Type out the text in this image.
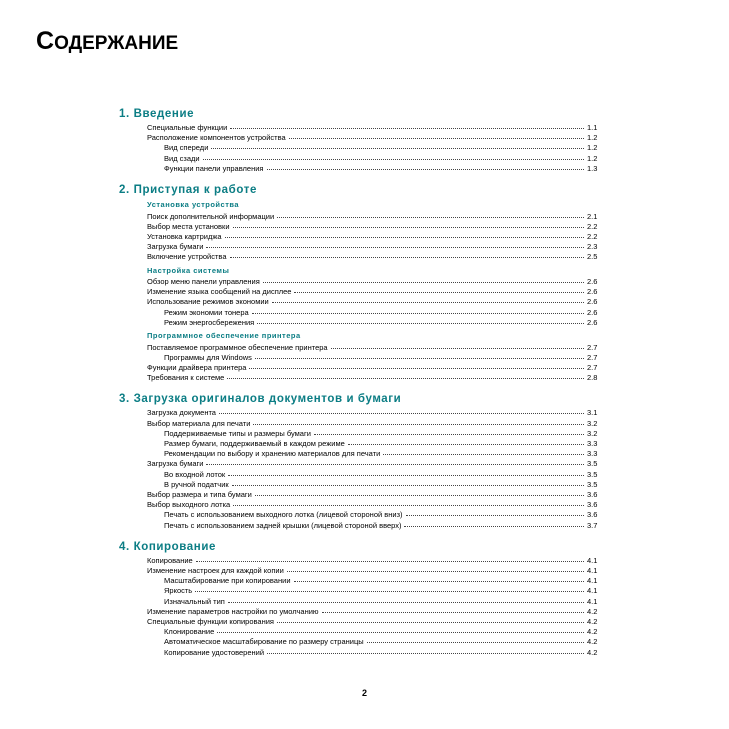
СОДЕРЖАНИЕ
1. Введение
Специальные функции	1.1
Расположение компонентов устройства	1.2
Вид спереди	1.2
Вид сзади	1.2
Функции панели управления	1.3
2. Приступая к работе
Установка устройства
Поиск дополнительной информации	2.1
Выбор места установки	2.2
Установка картриджа	2.2
Загрузка бумаги	2.3
Включение устройства	2.5
Настройка системы
Обзор меню панели управления	2.6
Изменение языка сообщений на дисплее	2.6
Использование режимов экономии	2.6
Режим экономии тонера	2.6
Режим энергосбережения	2.6
Программное обеспечение принтера
Поставляемое программное обеспечение принтера	2.7
Программы для Windows	2.7
Функции драйвера принтера	2.7
Требования к системе	2.8
3. Загрузка оригиналов документов и бумаги
Загрузка документа	3.1
Выбор материала для печати	3.2
Поддерживаемые типы и размеры бумаги	3.2
Размер бумаги, поддерживаемый в каждом режиме	3.3
Рекомендации по выбору и хранению материалов для печати	3.3
Загрузка бумаги	3.5
Во входной лоток	3.5
В ручной податчик	3.5
Выбор размера и типа бумаги	3.6
Выбор выходного лотка	3.6
Печать с использованием выходного лотка (лицевой стороной вниз)	3.6
Печать с использованием задней крышки (лицевой стороной вверх)	3.7
4. Копирование
Копирование	4.1
Изменение настроек для каждой копии	4.1
Масштабирование при копировании	4.1
Яркость	4.1
Изначальный тип	4.1
Изменение параметров настройки по умолчанию	4.2
Специальные функции копирования	4.2
Клонирование	4.2
Автоматическое масштабирование по размеру страницы	4.2
Копирование удостоверений	4.2
2
